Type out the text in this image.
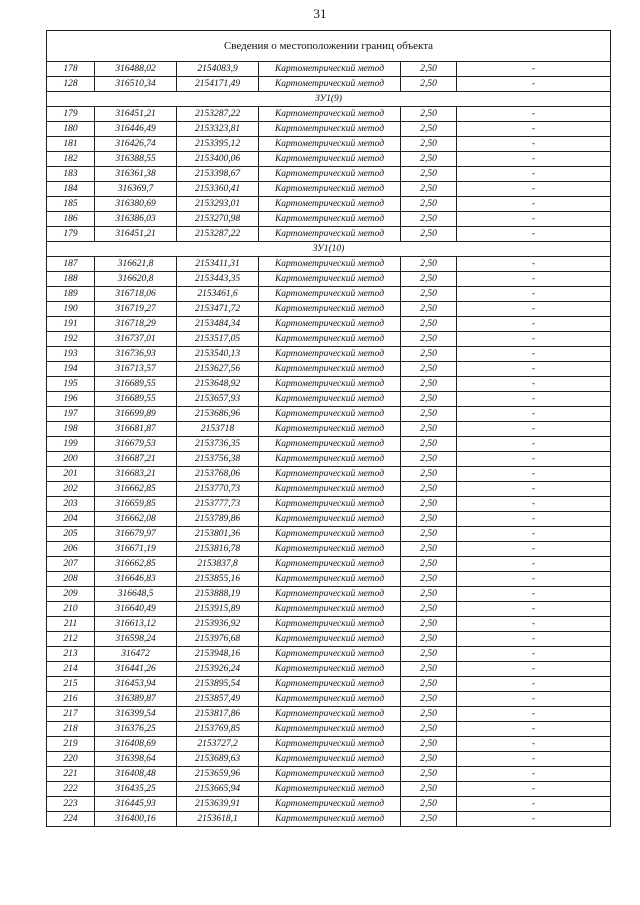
31
Сведения о местоположении границ объекта					
178	316488,02	2154083,9	Картометрический метод	2,50	-
128	316510,34	2154171,49	Картометрический метод	2,50	-
ЗУ1(9)					
179	316451,21	2153287,22	Картометрический метод	2,50	-
180	316446,49	2153323,81	Картометрический метод	2,50	-
181	316426,74	2153395,12	Картометрический метод	2,50	-
182	316388,55	2153400,06	Картометрический метод	2,50	-
183	316361,38	2153398,67	Картометрический метод	2,50	-
184	316369,7	2153360,41	Картометрический метод	2,50	-
185	316380,69	2153293,01	Картометрический метод	2,50	-
186	316386,03	2153270,98	Картометрический метод	2,50	-
179	316451,21	2153287,22	Картометрический метод	2,50	-
ЗУ1(10)					
187	316621,8	2153411,31	Картометрический метод	2,50	-
188	316620,8	2153443,35	Картометрический метод	2,50	-
189	316718,06	2153461,6	Картометрический метод	2,50	-
190	316719,27	2153471,72	Картометрический метод	2,50	-
191	316718,29	2153484,34	Картометрический метод	2,50	-
192	316737,01	2153517,05	Картометрический метод	2,50	-
193	316736,93	2153540,13	Картометрический метод	2,50	-
194	316713,57	2153627,56	Картометрический метод	2,50	-
195	316689,55	2153648,92	Картометрический метод	2,50	-
196	316689,55	2153657,93	Картометрический метод	2,50	-
197	316699,89	2153686,96	Картометрический метод	2,50	-
198	316681,87	2153718	Картометрический метод	2,50	-
199	316679,53	2153736,35	Картометрический метод	2,50	-
200	316687,21	2153756,38	Картометрический метод	2,50	-
201	316683,21	2153768,06	Картометрический метод	2,50	-
202	316662,85	2153770,73	Картометрический метод	2,50	-
203	316659,85	2153777,73	Картометрический метод	2,50	-
204	316662,08	2153789,86	Картометрический метод	2,50	-
205	316679,97	2153801,36	Картометрический метод	2,50	-
206	316671,19	2153816,78	Картометрический метод	2,50	-
207	316662,85	2153837,8	Картометрический метод	2,50	-
208	316646,83	2153855,16	Картометрический метод	2,50	-
209	316648,5	2153888,19	Картометрический метод	2,50	-
210	316640,49	2153915,89	Картометрический метод	2,50	-
211	316613,12	2153936,92	Картометрический метод	2,50	-
212	316598,24	2153976,68	Картометрический метод	2,50	-
213	316472	2153948,16	Картометрический метод	2,50	-
214	316441,26	2153926,24	Картометрический метод	2,50	-
215	316453,94	2153895,54	Картометрический метод	2,50	-
216	316389,87	2153857,49	Картометрический метод	2,50	-
217	316399,54	2153817,86	Картометрический метод	2,50	-
218	316376,25	2153769,85	Картометрический метод	2,50	-
219	316408,69	2153727,2	Картометрический метод	2,50	-
220	316398,64	2153689,63	Картометрический метод	2,50	-
221	316408,48	2153659,96	Картометрический метод	2,50	-
222	316435,25	2153665,94	Картометрический метод	2,50	-
223	316445,93	2153639,91	Картометрический метод	2,50	-
224	316400,16	2153618,1	Картометрический метод	2,50	-
